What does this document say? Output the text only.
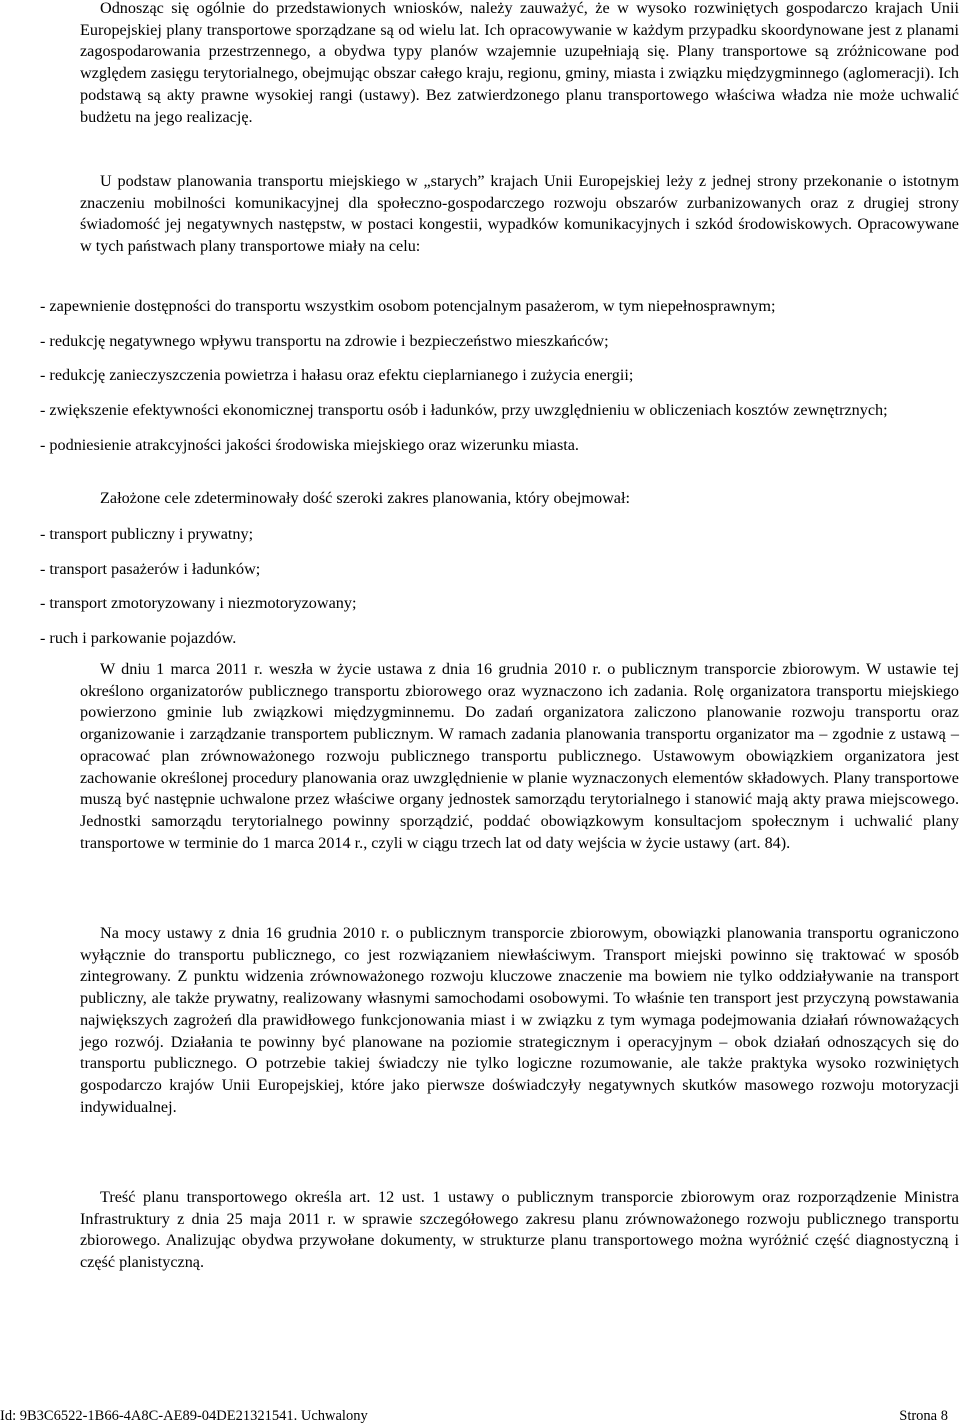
Odnosząc się ogólnie do przedstawionych wniosków, należy zauważyć, że w wysoko rozwiniętych gospodarczo krajach Unii Europejskiej plany transportowe sporządzane są od wielu lat. Ich opracowywanie w każdym przypadku skoordynowane jest z planami zagospodarowania przestrzennego, a obydwa typy planów wzajemnie uzupełniają się. Plany transportowe są zróżnicowane pod względem zasięgu terytorialnego, obejmując obszar całego kraju, regionu, gminy, miasta i związku międzygminnego (aglomeracji). Ich podstawą są akty prawne wysokiej rangi (ustawy). Bez zatwierdzonego planu transportowego właściwa władza nie może uchwalić budżetu na jego realizację.

U podstaw planowania transportu miejskiego w „starych” krajach Unii Europejskiej leży z jednej strony przekonanie o istotnym znaczeniu mobilności komunikacyjnej dla społeczno-gospodarczego rozwoju obszarów zurbanizowanych oraz z drugiej strony świadomość jej negatywnych następstw, w postaci kongestii, wypadków komunikacyjnych i szkód środowiskowych. Opracowywane w tych państwach plany transportowe miały na celu:

- zapewnienie dostępności do transportu wszystkim osobom potencjalnym pasażerom, w tym niepełnosprawnym;

- redukcję negatywnego wpływu transportu na zdrowie i bezpieczeństwo mieszkańców;

- redukcję zanieczyszczenia powietrza i hałasu oraz efektu cieplarnianego i zużycia energii;

- zwiększenie efektywności ekonomicznej transportu osób i ładunków, przy uwzględnieniu w obliczeniach kosztów zewnętrznych;

- podniesienie atrakcyjności jakości środowiska miejskiego oraz wizerunku miasta.

Założone cele zdeterminowały dość szeroki zakres planowania, który obejmował:

- transport publiczny i prywatny;

- transport pasażerów i ładunków;

- transport zmotoryzowany i niezmotoryzowany;

- ruch i parkowanie pojazdów.

W dniu 1 marca 2011 r. weszła w życie ustawa z dnia 16 grudnia 2010 r. o publicznym transporcie zbiorowym. W ustawie tej określono organizatorów publicznego transportu zbiorowego oraz wyznaczono ich zadania. Rolę organizatora transportu miejskiego powierzono gminie lub związkowi międzygminnemu. Do zadań organizatora zaliczono planowanie rozwoju transportu oraz organizowanie i zarządzanie transportem publicznym. W ramach zadania planowania transportu organizator ma – zgodnie z ustawą – opracować plan zrównoważonego rozwoju publicznego transportu publicznego. Ustawowym obowiązkiem organizatora jest zachowanie określonej procedury planowania oraz uwzględnienie w planie wyznaczonych elementów składowych. Plany transportowe muszą być następnie uchwalone przez właściwe organy jednostek samorządu terytorialnego i stanowić mają akty prawa miejscowego. Jednostki samorządu terytorialnego powinny sporządzić, poddać obowiązkowym konsultacjom społecznym i uchwalić plany transportowe w terminie do 1 marca 2014 r., czyli w ciągu trzech lat od daty wejścia w życie ustawy (art. 84).

Na mocy ustawy z dnia 16 grudnia 2010 r. o publicznym transporcie zbiorowym, obowiązki planowania transportu ograniczono wyłącznie do transportu publicznego, co jest rozwiązaniem niewłaściwym. Transport miejski powinno się traktować w sposób zintegrowany. Z punktu widzenia zrównoważonego rozwoju kluczowe znaczenie ma bowiem nie tylko oddziaływanie na transport publiczny, ale także prywatny, realizowany własnymi samochodami osobowymi. To właśnie ten transport jest przyczyną powstawania największych zagrożeń dla prawidłowego funkcjonowania miast i w związku z tym wymaga podejmowania działań równoważących jego rozwój. Działania te powinny być planowane na poziomie strategicznym i operacyjnym – obok działań odnoszących się do transportu publicznego. O potrzebie takiej świadczy nie tylko logiczne rozumowanie, ale także praktyka wysoko rozwiniętych gospodarczo krajów Unii Europejskiej, które jako pierwsze doświadczyły negatywnych skutków masowego rozwoju motoryzacji indywidualnej.

Treść planu transportowego określa art. 12 ust. 1 ustawy o publicznym transporcie zbiorowym oraz rozporządzenie Ministra Infrastruktury z dnia 25 maja 2011 r. w sprawie szczegółowego zakresu planu zrównoważonego rozwoju publicznego transportu zbiorowego. Analizując obydwa przywołane dokumenty, w strukturze planu transportowego można wyróżnić część diagnostyczną i część planistyczną.

Id: 9B3C6522-1B66-4A8C-AE89-04DE21321541. Uchwalony	Strona 8
